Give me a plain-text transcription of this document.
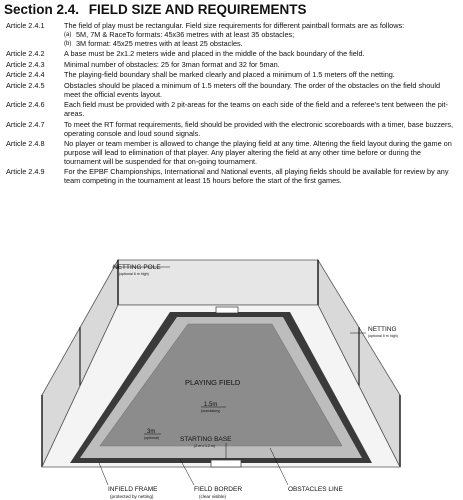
Section 2.4. FIELD SIZE AND REQUIREMENTS
Article 2.4.1	The field of play must be rectangular. Field size requirements for different paintball formats are as follows:
(a) 5M, 7M & RaceTo formats: 45x36 metres with at least 35 obstacles;
(b) 3M format: 45x25 metres with at least 25 obstacles.
Article 2.4.2	A base must be 2x1.2 meters wide and placed in the middle of the back boundary of the field.
Article 2.4.3	Minimal number of obstacles: 25 for 3man format and 32 for 5man.
Article 2.4.4	The playing-field boundary shall be marked clearly and placed a minimum of 1.5 meters off the netting.
Article 2.4.5	Obstacles should be placed a minimum of 1.5 meters off the boundary. The order of the obstacles on the field should meet the official events layout.
Article 2.4.6	Each field must be provided with 2 pit-areas for the teams on each side of the field and a referee's tent between the pit-areas.
Article 2.4.7	To meet the RT format requirements, field should be provided with the electronic scoreboards with a timer, base buzzers, operating console and loud sound signals.
Article 2.4.8	No player or team member is allowed to change the playing field at any time. Altering the field layout during the game on purpose will lead to elimination of that player. Any player altering the field at any other time before or during the tournament will be suspended for that on-going tournament.
Article 2.4.9	For the EPBF Championships, International and National events, all playing fields should be available for review by any team competing in the tournament at least 15 hours before the start of the first games.
NETTING POLE
(optional 6 m high)
NETTING
(optional 5 m high)
PLAYING FIELD
1.5m
(mandatory)
3m
(optional)	STARTING BASE
(2 m x 1.2 m)
INFIELD FRAME
(protected by netting)
FIELD BORDER
(clear visible)
OBSTACLES LINE
